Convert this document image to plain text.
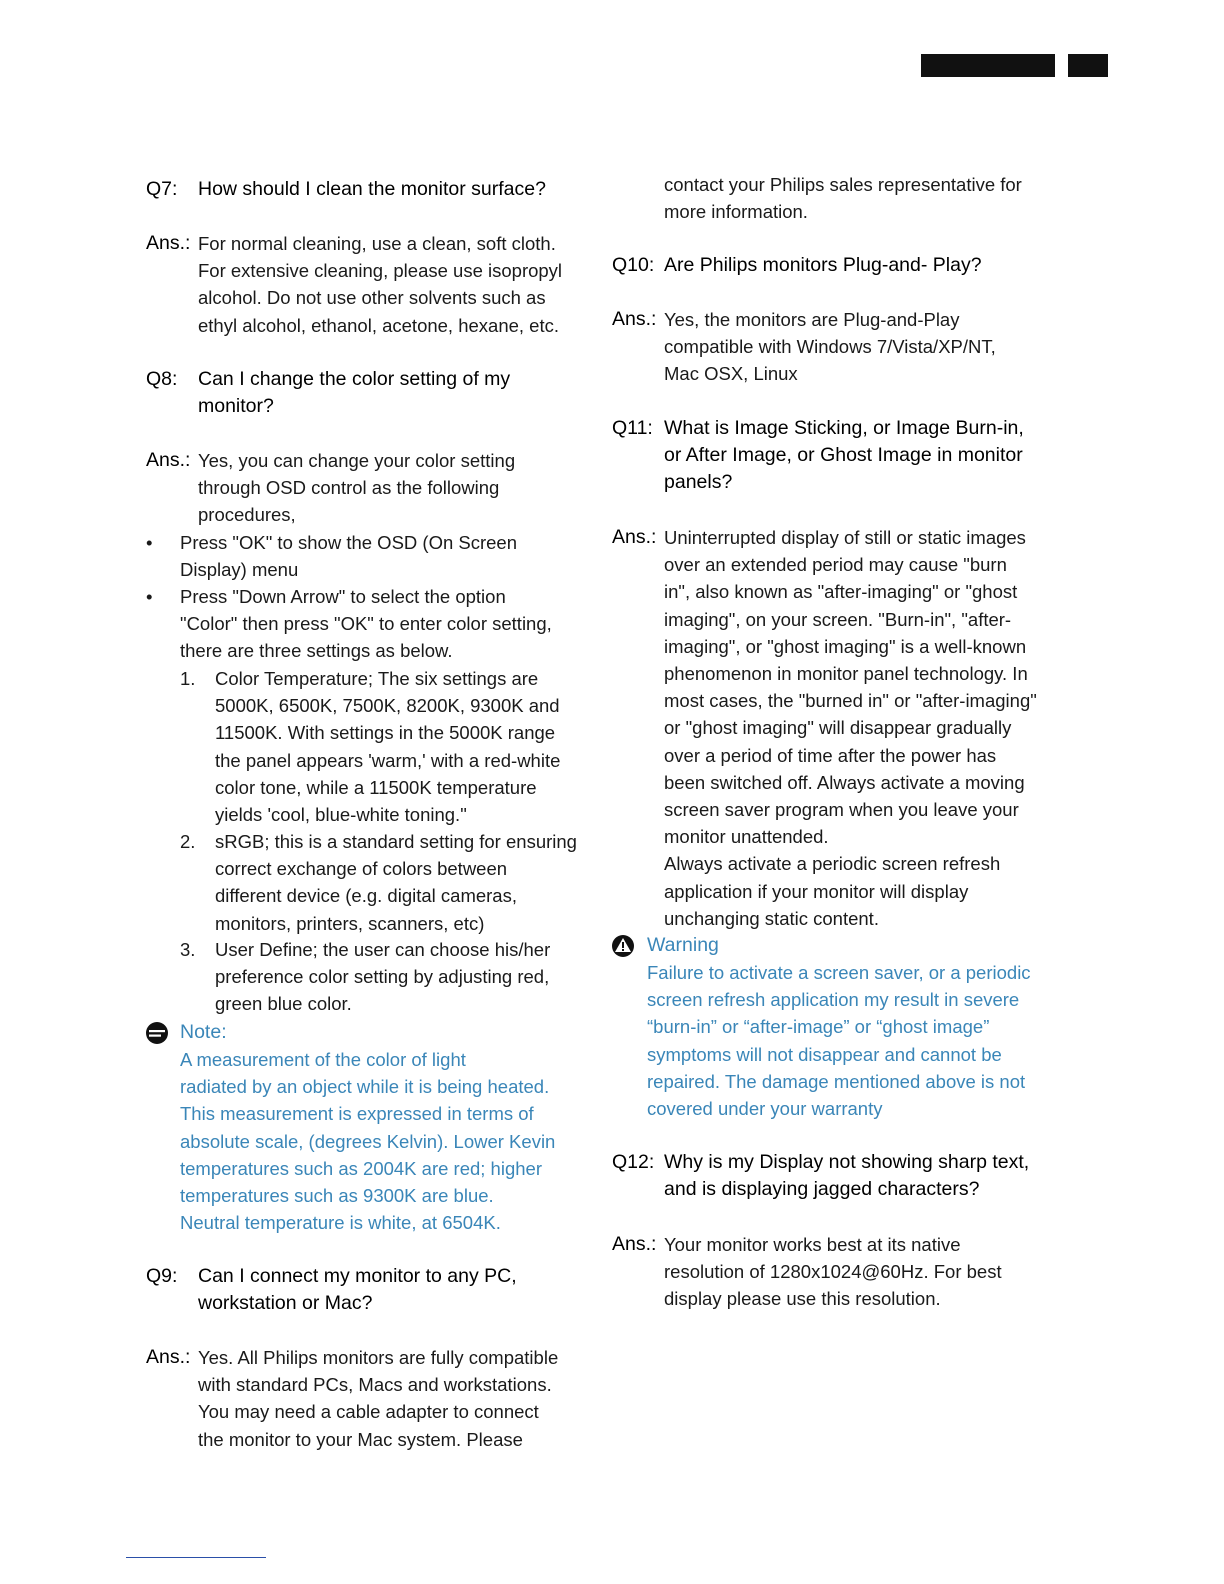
Q7: How should I clean the monitor surface?
Ans.: For normal cleaning, use a clean, soft cloth.
For extensive cleaning, please use isopropyl
alcohol. Do not use other solvents such as
ethyl alcohol, ethanol, acetone, hexane, etc.
Q8: Can I change the color setting of my
monitor?
Ans.: Yes, you can change your color setting
through OSD control as the following
procedures,
• Press "OK" to show the OSD (On Screen
Display) menu
• Press "Down Arrow" to select the option
"Color" then press "OK" to enter color setting,
there are three settings as below.
1. Color Temperature; The six settings are
5000K, 6500K, 7500K, 8200K, 9300K and
11500K. With settings in the 5000K range
the panel appears 'warm,' with a red-white
color tone, while a 11500K temperature
yields 'cool, blue-white toning."
2. sRGB; this is a standard setting for ensuring
correct exchange of colors between
different device (e.g. digital cameras,
monitors, printers, scanners, etc)
3. User Define; the user can choose his/her
preference color setting by adjusting red,
green blue color.
Note:
A measurement of the color of light
radiated by an object while it is being heated.
This measurement is expressed in terms of
absolute scale, (degrees Kelvin). Lower Kevin
temperatures such as 2004K are red; higher
temperatures such as 9300K are blue.
Neutral temperature is white, at 6504K.
Q9: Can I connect my monitor to any PC,
workstation or Mac?
Ans.: Yes. All Philips monitors are fully compatible
with standard PCs, Macs and workstations.
You may need a cable adapter to connect
the monitor to your Mac system. Please
contact your Philips sales representative for
more information.
Q10: Are Philips monitors Plug-and- Play?
Ans.: Yes, the monitors are Plug-and-Play
compatible with Windows 7/Vista/XP/NT,
Mac OSX, Linux
Q11: What is Image Sticking, or Image Burn-in,
or After Image, or Ghost Image in monitor
panels?
Ans.: Uninterrupted display of still or static images
over an extended period may cause "burn
in", also known as "after-imaging" or "ghost
imaging", on your screen. "Burn-in", "after-
imaging", or "ghost imaging" is a well-known
phenomenon in monitor panel technology. In
most cases, the "burned in" or "after-imaging"
or "ghost imaging" will disappear gradually
over a period of time after the power has
been switched off. Always activate a moving
screen saver program when you leave your
monitor unattended.
Always activate a periodic screen refresh
application if your monitor will display
unchanging static content.
Warning
Failure to activate a screen saver, or a periodic
screen refresh application my result in severe
“burn-in” or “after-image” or “ghost image”
symptoms will not disappear and cannot be
repaired. The damage mentioned above is not
covered under your warranty
Q12: Why is my Display not showing sharp text,
and is displaying jagged characters?
Ans.: Your monitor works best at its native
resolution of 1280x1024@60Hz. For best
display please use this resolution.
